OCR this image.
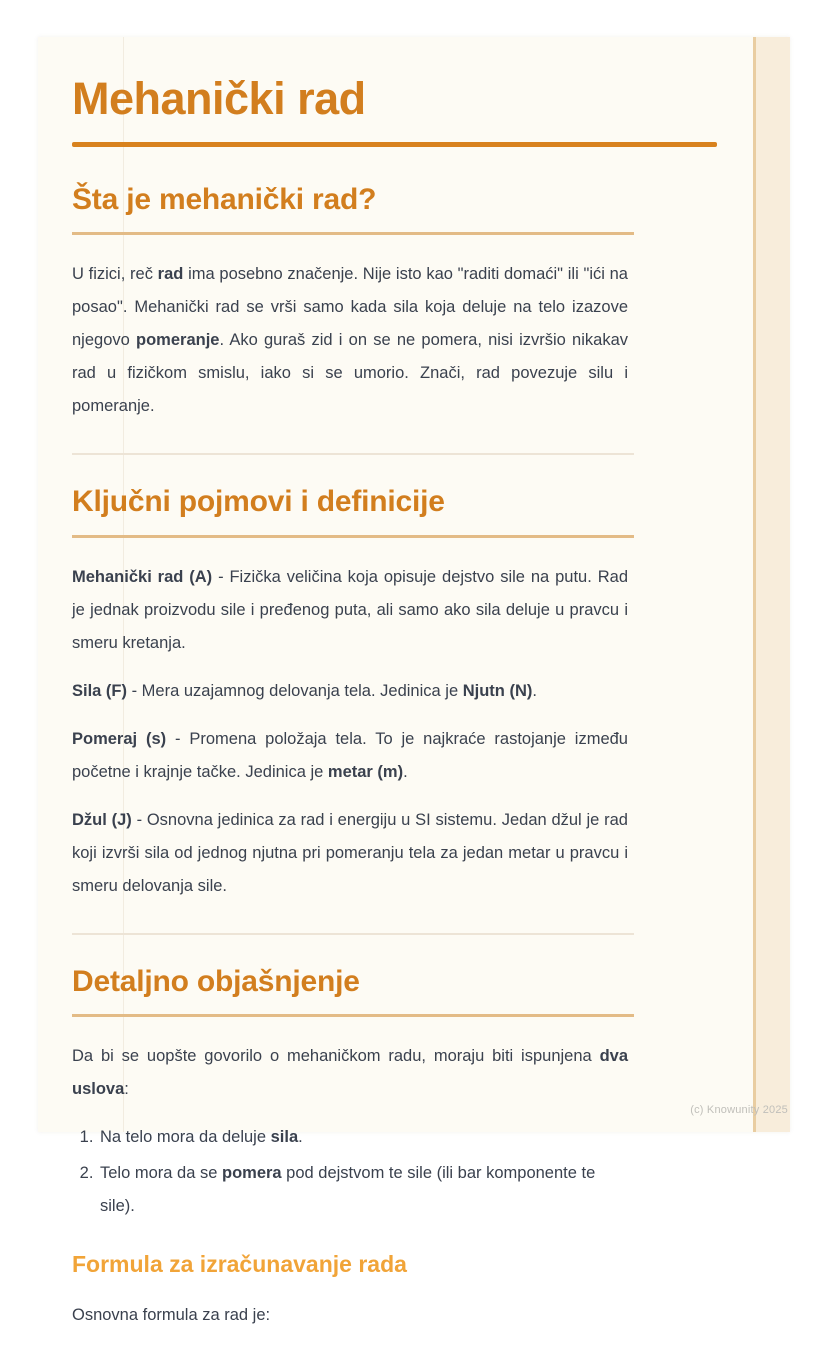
Mehanički rad
Šta je mehanički rad?

U fizici, reč rad ima posebno značenje. Nije isto kao "raditi domaći" ili "ići na posao". Mehanički rad se vrši samo kada sila koja deluje na telo izazove njegovo pomeranje. Ako guraš zid i on se ne pomera, nisi izvršio nikakav rad u fizičkom smislu, iako si se umorio. Znači, rad povezuje silu i pomeranje.

Ključni pojmovi i definicije

Mehanički rad (A) - Fizička veličina koja opisuje dejstvo sile na putu. Rad je jednak proizvodu sile i pređenog puta, ali samo ako sila deluje u pravcu i smeru kretanja.

Sila (F) - Mera uzajamnog delovanja tela. Jedinica je Njutn (N).

Pomeraj (s) - Promena položaja tela. To je najkraće rastojanje između početne i krajnje tačke. Jedinica je metar (m).

Džul (J) - Osnovna jedinica za rad i energiju u SI sistemu. Jedan džul je rad koji izvrši sila od jednog njutna pri pomeranju tela za jedan metar u pravcu i smeru delovanja sile.

Detaljno objašnjenje

Da bi se uopšte govorilo o mehaničkom radu, moraju biti ispunjena dva uslova:

1. Na telo mora da deluje sila.
2. Telo mora da se pomera pod dejstvom te sile (ili bar komponente te sile).
Formula za izračunavanje rada

Osnovna formula za rad je:

(c) Knowunity 2025
